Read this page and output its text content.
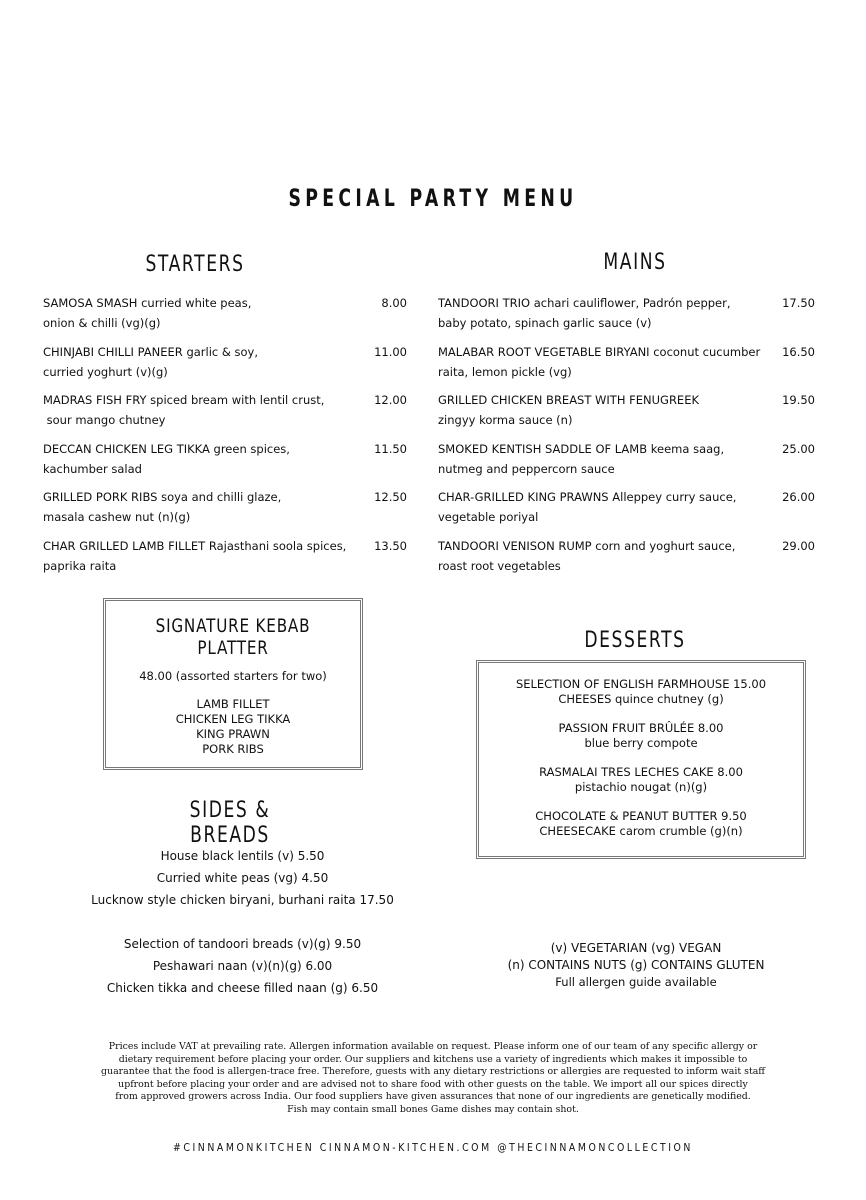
SPECIAL PARTY MENU
STARTERS
SAMOSA SMASH curried white peas,
onion & chilli (vg)(g)
8.00
CHINJABI CHILLI PANEER garlic & soy,
curried yoghurt (v)(g)
11.00
MADRAS FISH FRY spiced bream with lentil crust,
sour mango chutney
12.00
DECCAN CHICKEN LEG TIKKA green spices,
kachumber salad
11.50
GRILLED PORK RIBS soya and chilli glaze,
masala cashew nut (n)(g)
12.50
CHAR GRILLED LAMB FILLET Rajasthani soola spices,
paprika raita
13.50
MAINS
TANDOORI TRIO achari cauliflower, Padrón pepper,
baby potato, spinach garlic sauce (v)
17.50
MALABAR ROOT VEGETABLE BIRYANI coconut cucumber
raita, lemon pickle (vg)
16.50
GRILLED CHICKEN BREAST WITH FENUGREEK
zingyy korma sauce (n)
19.50
SMOKED KENTISH SADDLE OF LAMB keema saag,
nutmeg and peppercorn sauce
25.00
CHAR-GRILLED KING PRAWNS Alleppey curry sauce,
vegetable poriyal
26.00
TANDOORI VENISON RUMP corn and yoghurt sauce,
roast root vegetables
29.00
SIGNATURE KEBAB PLATTER
48.00 (assorted starters for two)
LAMB FILLET
CHICKEN LEG TIKKA
KING PRAWN
PORK RIBS
DESSERTS
SELECTION OF ENGLISH FARMHOUSE 15.00
CHEESES quince chutney (g)
PASSION FRUIT BRÛLÉE 8.00
blue berry compote
RASMALAI TRES LECHES CAKE 8.00
pistachio nougat (n)(g)
CHOCOLATE & PEANUT BUTTER 9.50
CHEESECAKE carom crumble (g)(n)
SIDES & BREADS
House black lentils (v) 5.50
Curried white peas (vg) 4.50
Lucknow style chicken biryani, burhani raita 17.50
Selection of tandoori breads (v)(g) 9.50
Peshawari naan (v)(n)(g) 6.00
Chicken tikka and cheese filled naan (g) 6.50
(v) VEGETARIAN (vg) VEGAN
(n) CONTAINS NUTS (g) CONTAINS GLUTEN
Full allergen guide available
Prices include VAT at prevailing rate. Allergen information available on request. Please inform one of our team of any specific allergy or
dietary requirement before placing your order. Our suppliers and kitchens use a variety of ingredients which makes it impossible to
guarantee that the food is allergen-trace free. Therefore, guests with any dietary restrictions or allergies are requested to inform wait staff
upfront before placing your order and are advised not to share food with other guests on the table. We import all our spices directly
from approved growers across India. Our food suppliers have given assurances that none of our ingredients are genetically modified.
Fish may contain small bones Game dishes may contain shot.
#CINNAMONKITCHEN CINNAMON-KITCHEN.COM @THECINNAMONCOLLECTION
